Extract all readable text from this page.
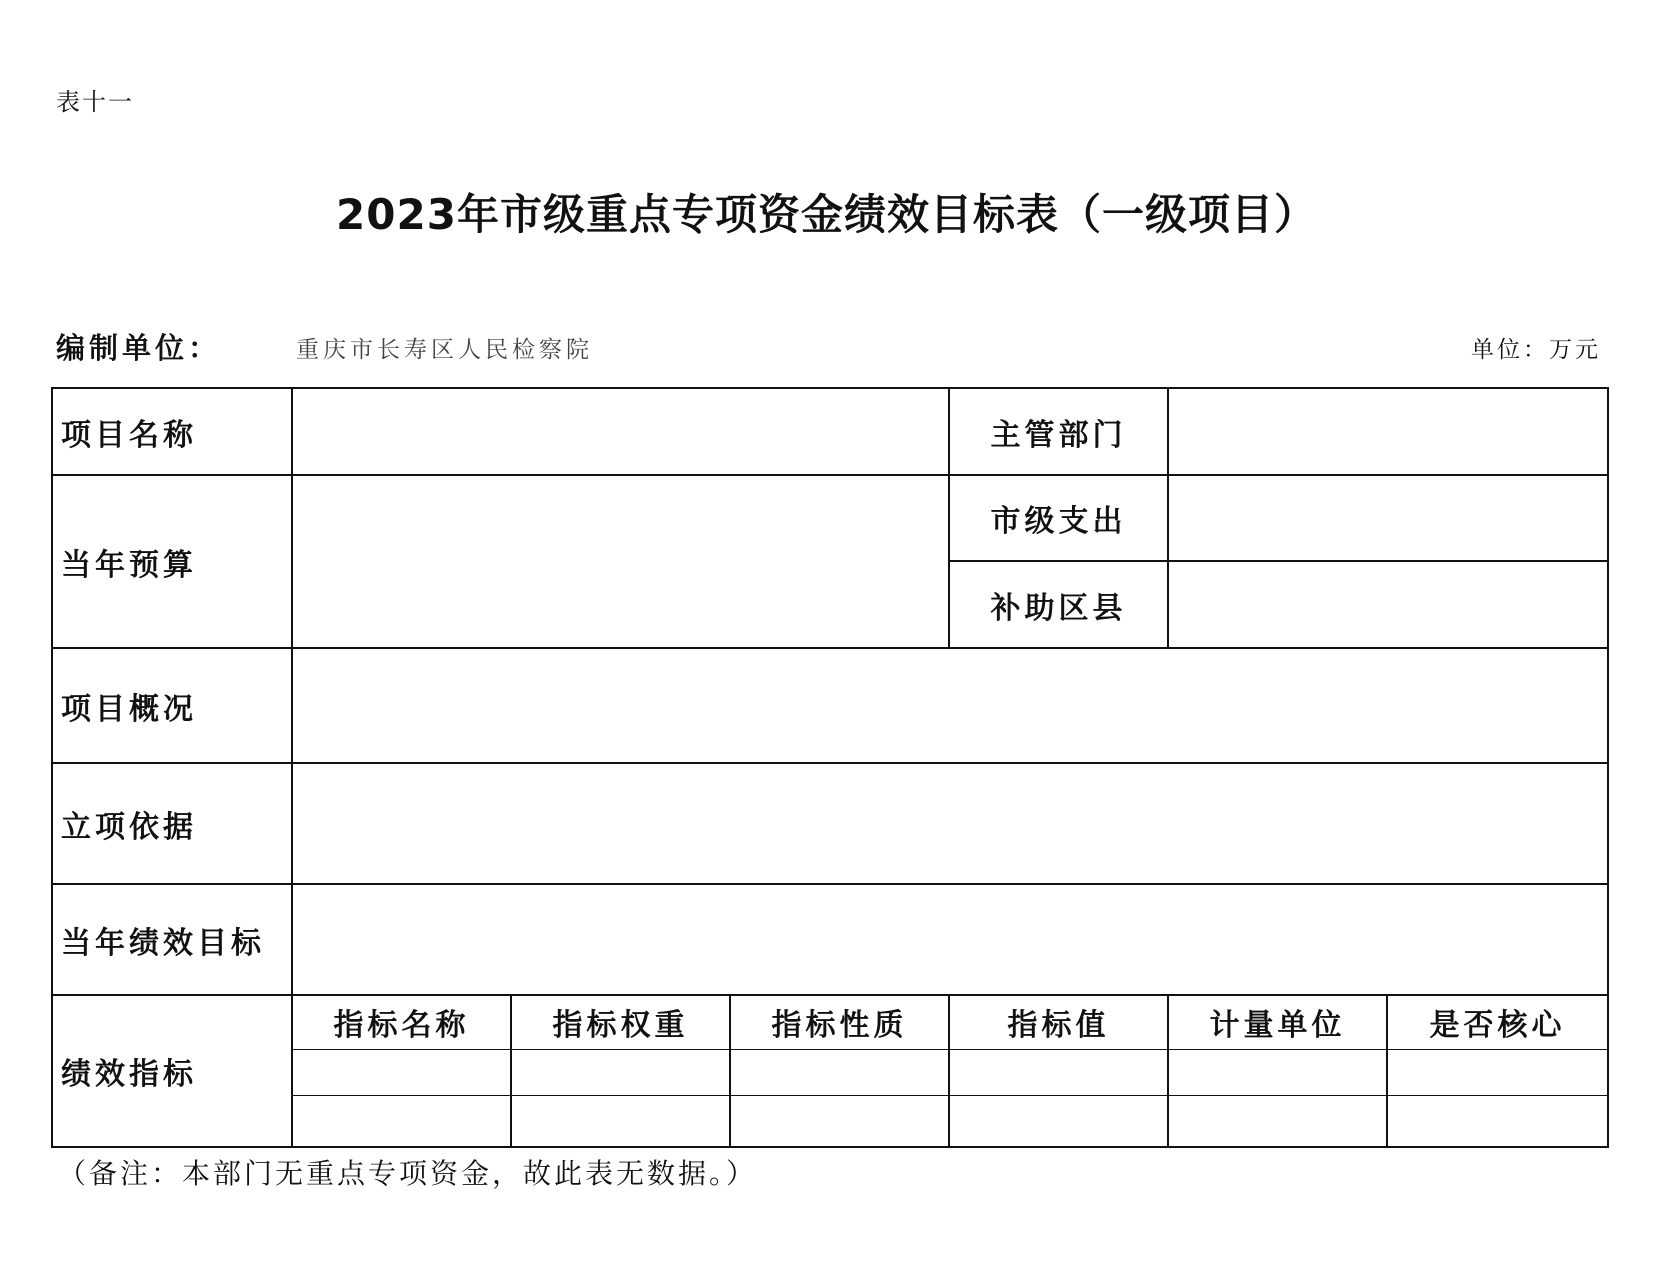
表十一
2023年市级重点专项资金绩效目标表（一级项目）
编制单位：	重庆市长寿区人民检察院	单位：万元
项目名称				主管部门		
当年预算				市级支出		
				补助区县		
项目概况						
立项依据						
当年绩效目标						
绩效指标	指标名称	指标权重	指标性质	指标值	计量单位	是否核心

（备注：本部门无重点专项资金，故此表无数据。）
